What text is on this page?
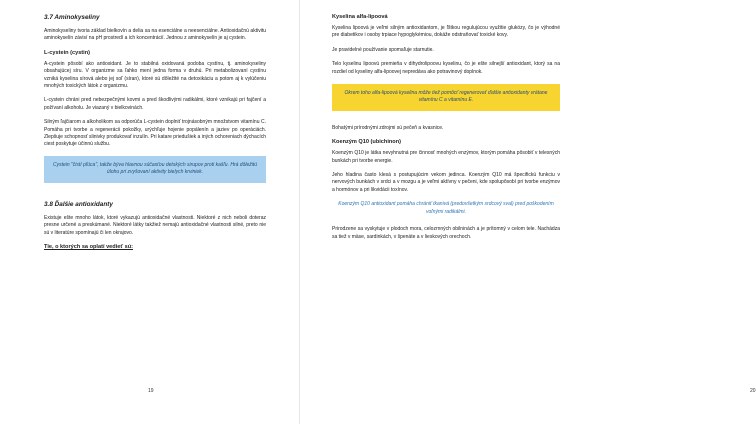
3.7 Aminokyseliny

Aminokyseliny tvoria základ bielkovín a delia sa na esenciálne a neesenciálne. Antioxidačnú aktivitu aminokyselín závisí na pH prostredí a ich koncentrácií. Jednou z aminokyselín je aj cystein.

L-cystein (cystin)

A-cystein pôsobí ako antioxidant. Je to stabilná oxidovaná podoba cystínu, tj. aminokyseliny obsahujúcej síru. V organizme sa ľahko mení jedna forma v druhú. Pri metabolizovaní cystínu vzniká kyselina sírová alebo jej soľ (síran), ktoré sú dôležité na detoxikáciu a potom aj k vylúčeniu mnohých toxických látok z organizmu.

L-cystein chráni pred nebezpečnými kovmi a pred škodlivými radikálmi, ktoré vznikajú pri fajčení a požívaní alkoholu. Je viazaný v bielkovinách.

Silným ľajčiarom a alkoholikom sa odporúča L-cystein doplniť trojnásobným množstvom vitamínu C. Pomáha pri tvorbe a regenerácii pokožky, urýchľuje hojenie popálenín a jaziev po operáciách. Zlepšuje schopnosť slinivky produkovať inzulín. Pri katare priedušiek a iných ochoreniach dýchacích ciest poskytuje účinnú službu.

Cystein "čistí pľúca", takže býva hlavnou súčasťou detských sirupov proti kašľu. Hrá dôležitú úlohu pri zvyšovaní aktivity bielych krviniek.
3.8 Ďalšie antioxidanty

Existuje ešte mnoho látok, ktoré vykazujú antioxidačné vlastnosti. Niektoré z nich neboli doteraz presne určené a preskúmané. Niektoré látky takžiež nemajú antioxidačné vlastnosti silné, preto nie sú v literatúre spomínajú či len okrajovo.

Tie, o ktorých sa oplatí vedieť sú:
19
Kyselina alfa-lipoová

Kyselina lipoová je veľmi silným antioxidantom, je ľštkou regulujúcou využitie glukózy, čo je výhodné pre diabetikov i osoby trpiace hypoglykémiou, dokáže odstraňovať toxické kovy.

Je pravidelné používanie spomaľuje starnutie.

Telo kyselinu lipoovú premieňa v dihydrolipoovu kyselinu, čo je ešte silnejší antioxidant, ktorý sa na rozdiel od kyseliny alfa-lipoovej nepredáva ako potravinový doplnok.

Okrem toho alfa-lipoová kyselina môže tiež pomôcť regenerovať ďalšie antioxidanty vrátane vitamínu C a vitamínu E.

Bohatými prírodnými zdrojmi sú pečeň a kvasnice.

Koenzým Q10 (ubichinon)

Koenzým Q10 je látka nevyhnutná pre činnosť mnohých enzýmov, ktorým pomáha pôsobiť v telesných bunkách pri tvorbe energie.

Jeho hladina často klesá s postupujúcim vekom jedinca. Koenzým Q10 má špecifickú funkciu v nervových bunkách v srdci a v mozgu a je veľmi aktívny v pečeni, kde spolupôsobí pri tvorbe enzýmov a hormónov a pri likvidácii toxínov.

Koenzým Q10 antioxidant pomáha chrániť tkanivá (predovšetkým srdcový sval) pred poškodením voľnými radikálmi.

Prirodzene sa vyskytuje v plodoch mora, celozrnných obilninách a je prítomný v celom tele. Nachádza sa tiež v mäse, sardinkách, v špenáte a v lieskových orechoch.

20
